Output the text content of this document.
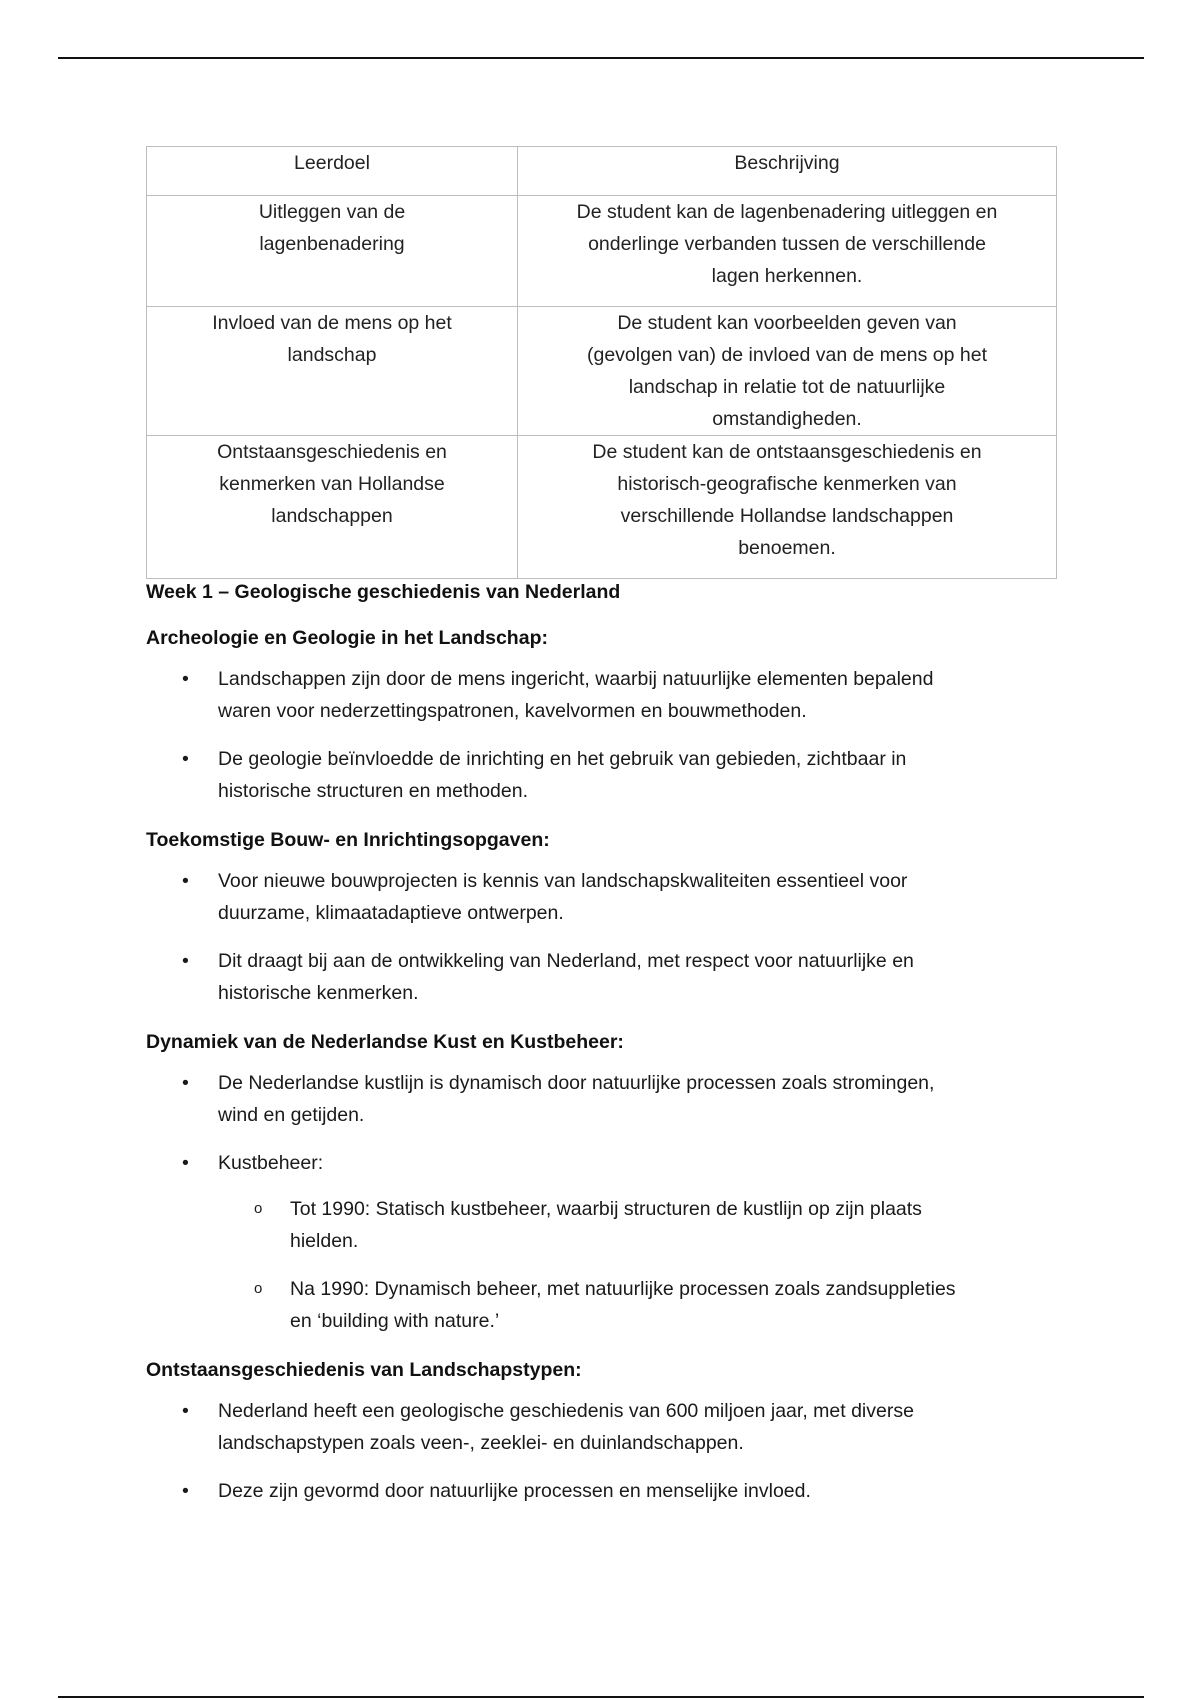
Leerdoel	Beschrijving

Uitleggen van de lagenbenadering	De student kan de lagenbenadering uitleggen en onderlinge verbanden tussen de verschillende lagen herkennen.

Invloed van de mens op het landschap	De student kan voorbeelden geven van (gevolgen van) de invloed van de mens op het landschap in relatie tot de natuurlijke omstandigheden.

Ontstaansgeschiedenis en kenmerken van Hollandse landschappen	De student kan de ontstaansgeschiedenis en historisch-geografische kenmerken van verschillende Hollandse landschappen benoemen.
Week 1 – Geologische geschiedenis van Nederland
Archeologie en Geologie in het Landschap:
• Landschappen zijn door de mens ingericht, waarbij natuurlijke elementen bepalend waren voor nederzettingspatronen, kavelvormen en bouwmethoden.
• De geologie beïnvloedde de inrichting en het gebruik van gebieden, zichtbaar in historische structuren en methoden.
Toekomstige Bouw- en Inrichtingsopgaven:
• Voor nieuwe bouwprojecten is kennis van landschapskwaliteiten essentieel voor duurzame, klimaatadaptieve ontwerpen.
• Dit draagt bij aan de ontwikkeling van Nederland, met respect voor natuurlijke en historische kenmerken.
Dynamiek van de Nederlandse Kust en Kustbeheer:
• De Nederlandse kustlijn is dynamisch door natuurlijke processen zoals stromingen, wind en getijden.
• Kustbeheer:
o Tot 1990: Statisch kustbeheer, waarbij structuren de kustlijn op zijn plaats hielden.
o Na 1990: Dynamisch beheer, met natuurlijke processen zoals zandsuppleties en ‘building with nature.’
Ontstaansgeschiedenis van Landschapstypen:
• Nederland heeft een geologische geschiedenis van 600 miljoen jaar, met diverse landschapstypen zoals veen-, zeeklei- en duinlandschappen.
• Deze zijn gevormd door natuurlijke processen en menselijke invloed.
